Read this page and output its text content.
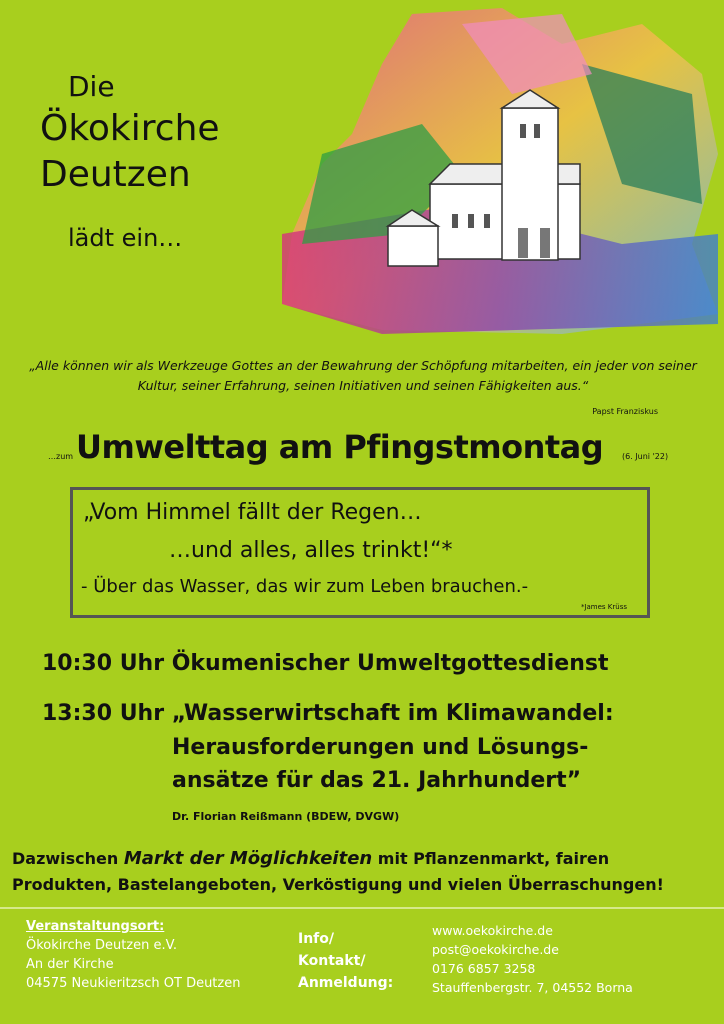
Die
Ökokirche
Deutzen
lädt ein…
„Alle können wir als Werkzeuge Gottes an der Bewahrung der Schöpfung mitarbeiten, ein jeder von seiner Kultur, seiner Erfahrung, seinen Initiativen und seinen Fähigkeiten aus.“
Papst Franziskus
…zum Umwelttag am Pfingstmontag (6. Juni '22)
„Vom Himmel fällt der Regen…
…und alles, alles trinkt!“*
- Über das Wasser, das wir zum Leben brauchen.-
*James Krüss
10:30 Uhr Ökumenischer Umweltgottesdienst
13:30 Uhr „Wasserwirtschaft im Klimawandel:
Herausforderungen und Lösungs-
ansätze für das 21. Jahrhundert”
Dr. Florian Reißmann (BDEW, DVGW)
Dazwischen Markt der Möglichkeiten mit Pflanzenmarkt, fairen Produkten, Bastelangeboten, Verköstigung und vielen Überraschungen!
Veranstaltungsort:
Ökokirche Deutzen e.V.
An der Kirche
04575 Neukieritzsch OT Deutzen
Info/
Kontakt/
Anmeldung:
www.oekokirche.de
post@oekokirche.de
0176 6857 3258
Stauffenbergstr. 7, 04552 Borna
